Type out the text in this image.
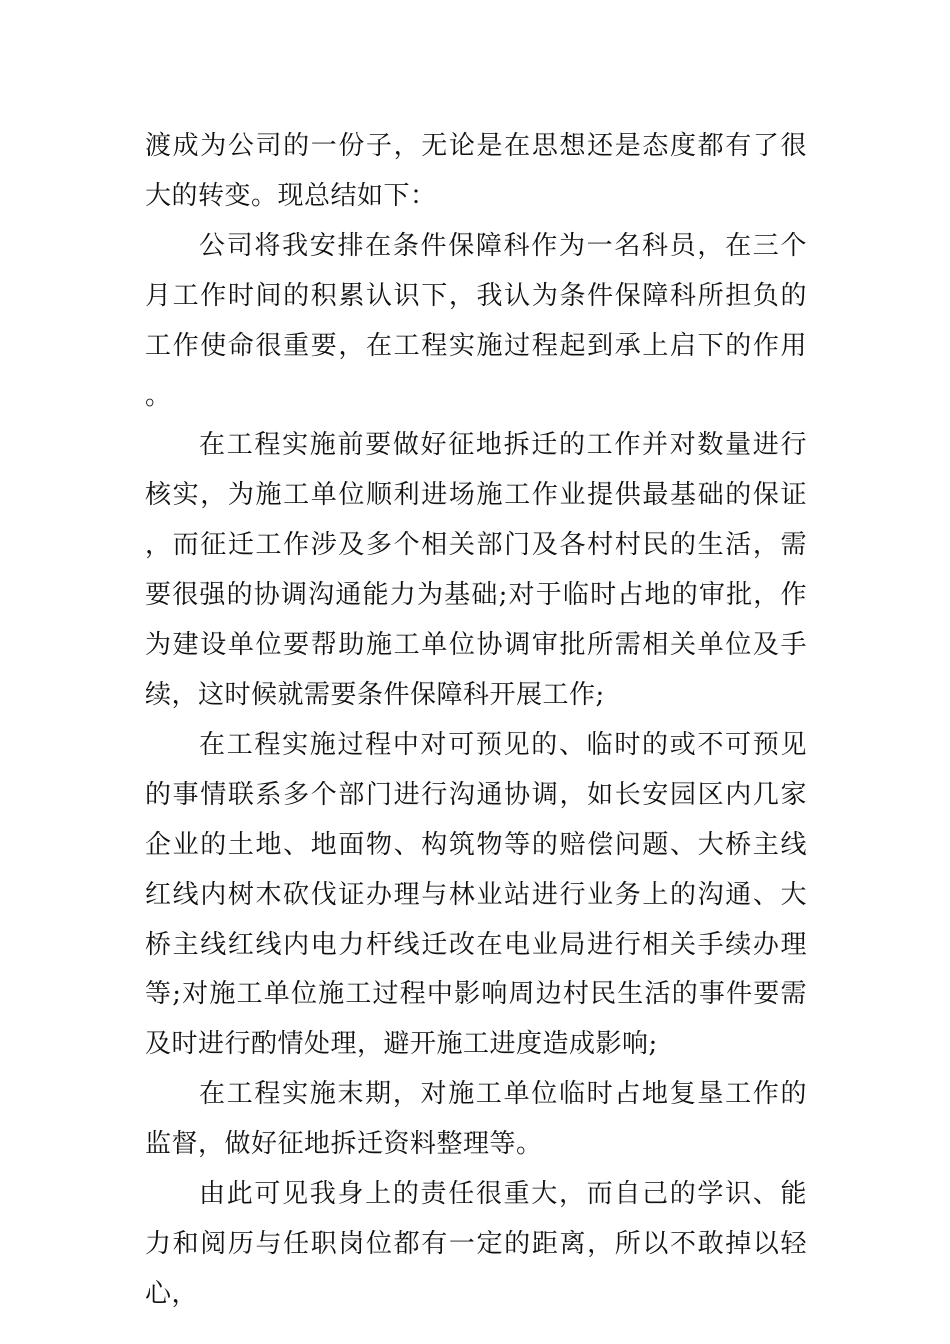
渡成为公司的一份子，无论是在思想还是态度都有了很大的转变。现总结如下：

公司将我安排在条件保障科作为一名科员，在三个月工作时间的积累认识下，我认为条件保障科所担负的工作使命很重要，在工程实施过程起到承上启下的作用。

在工程实施前要做好征地拆迁的工作并对数量进行核实，为施工单位顺利进场施工作业提供最基础的保证，而征迁工作涉及多个相关部门及各村村民的生活，需要很强的协调沟通能力为基础;对于临时占地的审批，作为建设单位要帮助施工单位协调审批所需相关单位及手续，这时候就需要条件保障科开展工作;

在工程实施过程中对可预见的、临时的或不可预见的事情联系多个部门进行沟通协调，如长安园区内几家企业的土地、地面物、构筑物等的赔偿问题、大桥主线红线内树木砍伐证办理与林业站进行业务上的沟通、大桥主线红线内电力杆线迁改在电业局进行相关手续办理等;对施工单位施工过程中影响周边村民生活的事件要需及时进行酌情处理，避开施工进度造成影响;

在工程实施末期，对施工单位临时占地复垦工作的监督，做好征地拆迁资料整理等。

由此可见我身上的责任很重大，而自己的学识、能力和阅历与任职岗位都有一定的距离，所以不敢掉以轻心，
